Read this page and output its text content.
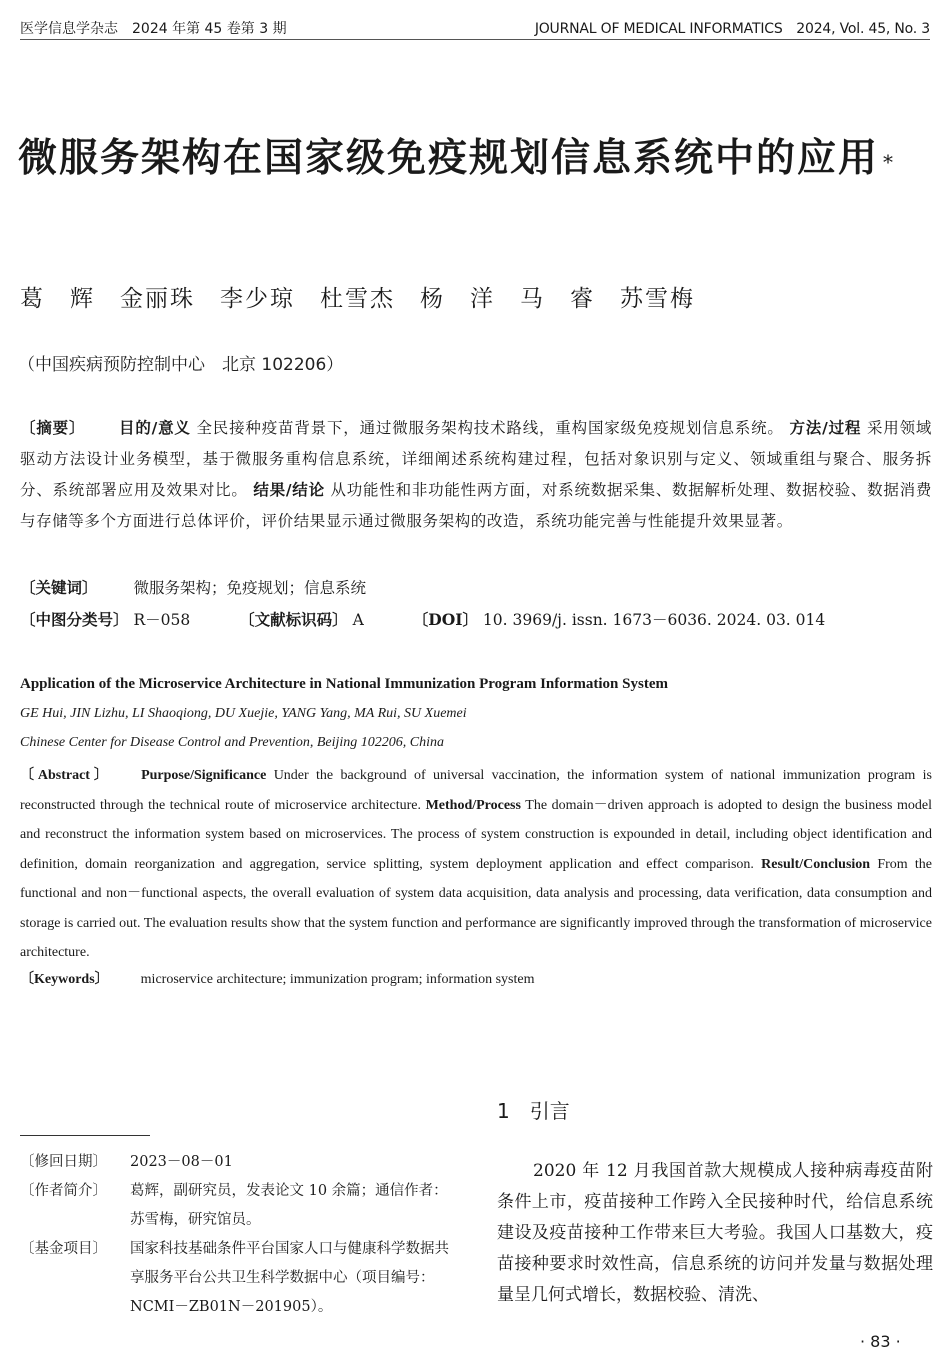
医学信息学杂志　2024 年第 45 卷第 3 期	JOURNAL OF MEDICAL INFORMATICS　2024, Vol. 45, No. 3
微服务架构在国家级免疫规划信息系统中的应用 *
葛　辉　金丽珠　李少琼　杜雪杰　杨　洋　马　睿　苏雪梅
（中国疾病预防控制中心　北京 102206）
〔摘要〕 目的/意义 全民接种疫苗背景下，通过微服务架构技术路线，重构国家级免疫规划信息系统。 方法/过程 采用领域驱动方法设计业务模型，基于微服务重构信息系统，详细阐述系统构建过程，包括对象识别与定义、领域重组与聚合、服务拆分、系统部署应用及效果对比。 结果/结论 从功能性和非功能性两方面，对系统数据采集、数据解析处理、数据校验、数据消费与存储等多个方面进行总体评价，评价结果显示通过微服务架构的改造，系统功能完善与性能提升效果显著。
〔关键词〕 微服务架构；免疫规划；信息系统
〔中图分类号〕 R－058	〔文献标识码〕 A	〔DOI〕 10. 3969/j. issn. 1673－6036. 2024. 03. 014
Application of the Microservice Architecture in National Immunization Program Information System
GE Hui, JIN Lizhu, LI Shaoqiong, DU Xuejie, YANG Yang, MA Rui, SU Xuemei
Chinese Center for Disease Control and Prevention, Beijing 102206, China
〔Abstract〕 Purpose/Significance Under the background of universal vaccination, the information system of national immunization program is reconstructed through the technical route of microservice architecture. Method/Process The domain－driven approach is adopted to design the business model and reconstruct the information system based on microservices. The process of system construction is expounded in detail, including object identification and definition, domain reorganization and aggregation, service splitting, system deployment application and effect comparison. Result/Conclusion From the functional and non－functional aspects, the overall evaluation of system data acquisition, data analysis and processing, data verification, data consumption and storage is carried out. The evaluation results show that the system function and performance are significantly improved through the transformation of microservice architecture.
〔Keywords〕 microservice architecture; immunization program; information system
〔修回日期〕	2023－08－01
〔作者简介〕	葛辉，副研究员，发表论文 10 余篇；通信作者：苏雪梅，研究馆员。
〔基金项目〕	国家科技基础条件平台国家人口与健康科学数据共享服务平台公共卫生科学数据中心（项目编号：NCMI－ZB01N－201905）。
1 引言

2020 年 12 月我国首款大规模成人接种病毒疫苗附条件上市，疫苗接种工作跨入全民接种时代，给信息系统建设及疫苗接种工作带来巨大考验。我国人口基数大，疫苗接种要求时效性高，信息系统的访问并发量与数据处理量呈几何式增长，数据校验、清洗、

· 83 ·
